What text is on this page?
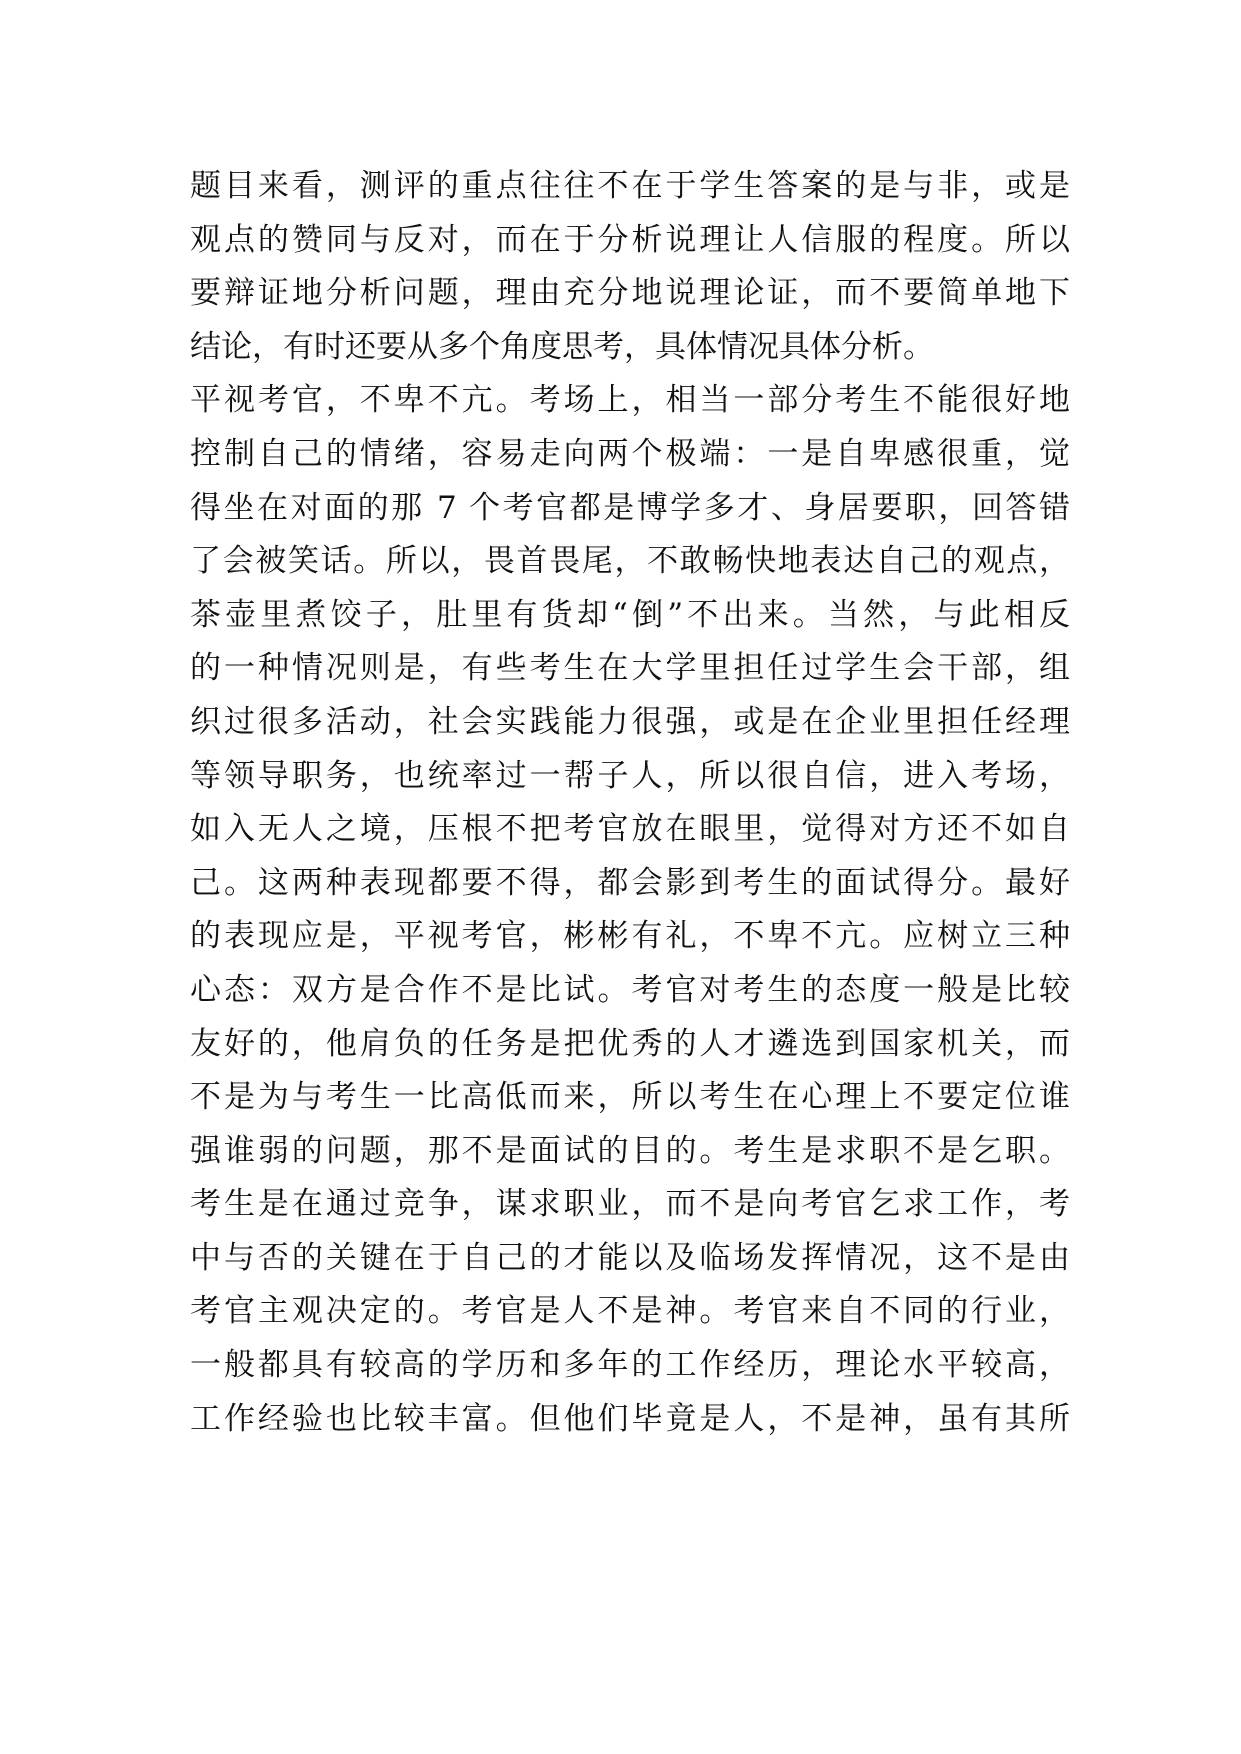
题目来看，测评的重点往往不在于学生答案的是与非，或是
观点的赞同与反对，而在于分析说理让人信服的程度。所以
要辩证地分析问题，理由充分地说理论证，而不要简单地下
结论，有时还要从多个角度思考，具体情况具体分析。
平视考官，不卑不亢。考场上，相当一部分考生不能很好地
控制自己的情绪，容易走向两个极端：一是自卑感很重，觉
得坐在对面的那 7 个考官都是博学多才、身居要职，回答错
了会被笑话。所以，畏首畏尾，不敢畅快地表达自己的观点，
茶壶里煮饺子，肚里有货却“倒”不出来。当然，与此相反
的一种情况则是，有些考生在大学里担任过学生会干部，组
织过很多活动，社会实践能力很强，或是在企业里担任经理
等领导职务，也统率过一帮子人，所以很自信，进入考场，
如入无人之境，压根不把考官放在眼里，觉得对方还不如自
己。这两种表现都要不得，都会影到考生的面试得分。最好
的表现应是，平视考官，彬彬有礼，不卑不亢。应树立三种
心态：双方是合作不是比试。考官对考生的态度一般是比较
友好的，他肩负的任务是把优秀的人才遴选到国家机关，而
不是为与考生一比高低而来，所以考生在心理上不要定位谁
强谁弱的问题，那不是面试的目的。考生是求职不是乞职。
考生是在通过竞争，谋求职业，而不是向考官乞求工作，考
中与否的关键在于自己的才能以及临场发挥情况，这不是由
考官主观决定的。考官是人不是神。考官来自不同的行业，
一般都具有较高的学历和多年的工作经历，理论水平较高，
工作经验也比较丰富。但他们毕竟是人，不是神，虽有其所
